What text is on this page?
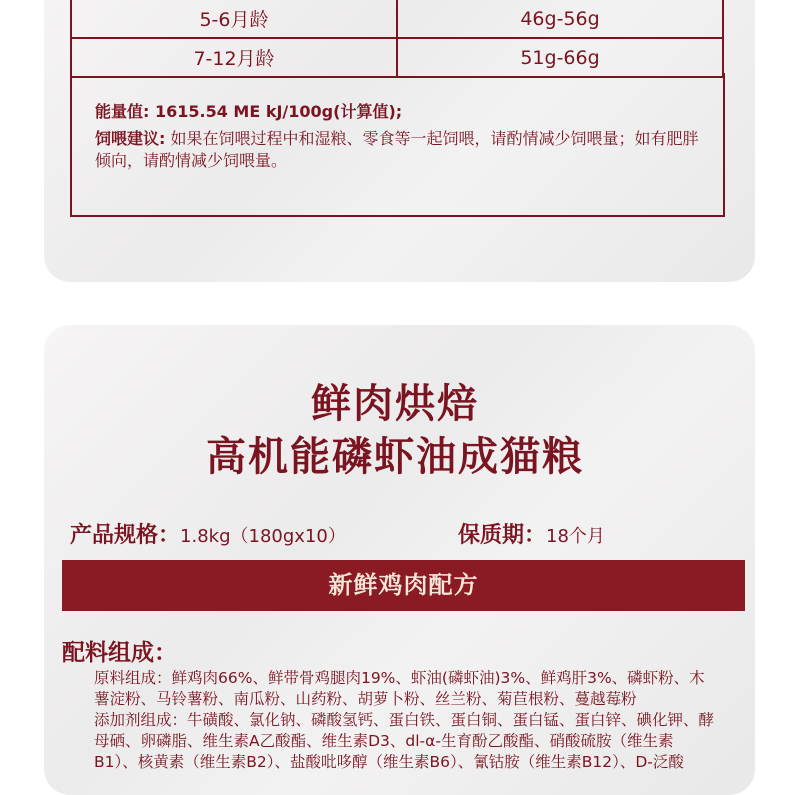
5-6月龄	46g-56g
7-12月龄	51g-66g

能量值: 1615.54 ME kJ/100g(计算值);

饲喂建议: 如果在饲喂过程中和湿粮、零食等一起饲喂，请酌情减少饲喂量；如有肥胖倾向，请酌情减少饲喂量。

鲜肉烘焙
高机能磷虾油成猫粮
产品规格：1.8kg（180gx10）	保质期：18个月
新鲜鸡肉配方
配料组成：

原料组成：鲜鸡肉66%、鲜带骨鸡腿肉19%、虾油(磷虾油)3%、鲜鸡肝3%、磷虾粉、木薯淀粉、马铃薯粉、南瓜粉、山药粉、胡萝卜粉、丝兰粉、菊苣根粉、蔓越莓粉

添加剂组成：牛磺酸、氯化钠、磷酸氢钙、蛋白铁、蛋白铜、蛋白锰、蛋白锌、碘化钾、酵母硒、卵磷脂、维生素A乙酸酯、维生素D3、dl-α-生育酚乙酸酯、硝酸硫胺（维生素B1）、核黄素（维生素B2）、盐酸吡哆醇（维生素B6）、氰钴胺（维生素B12）、D-泛酸
